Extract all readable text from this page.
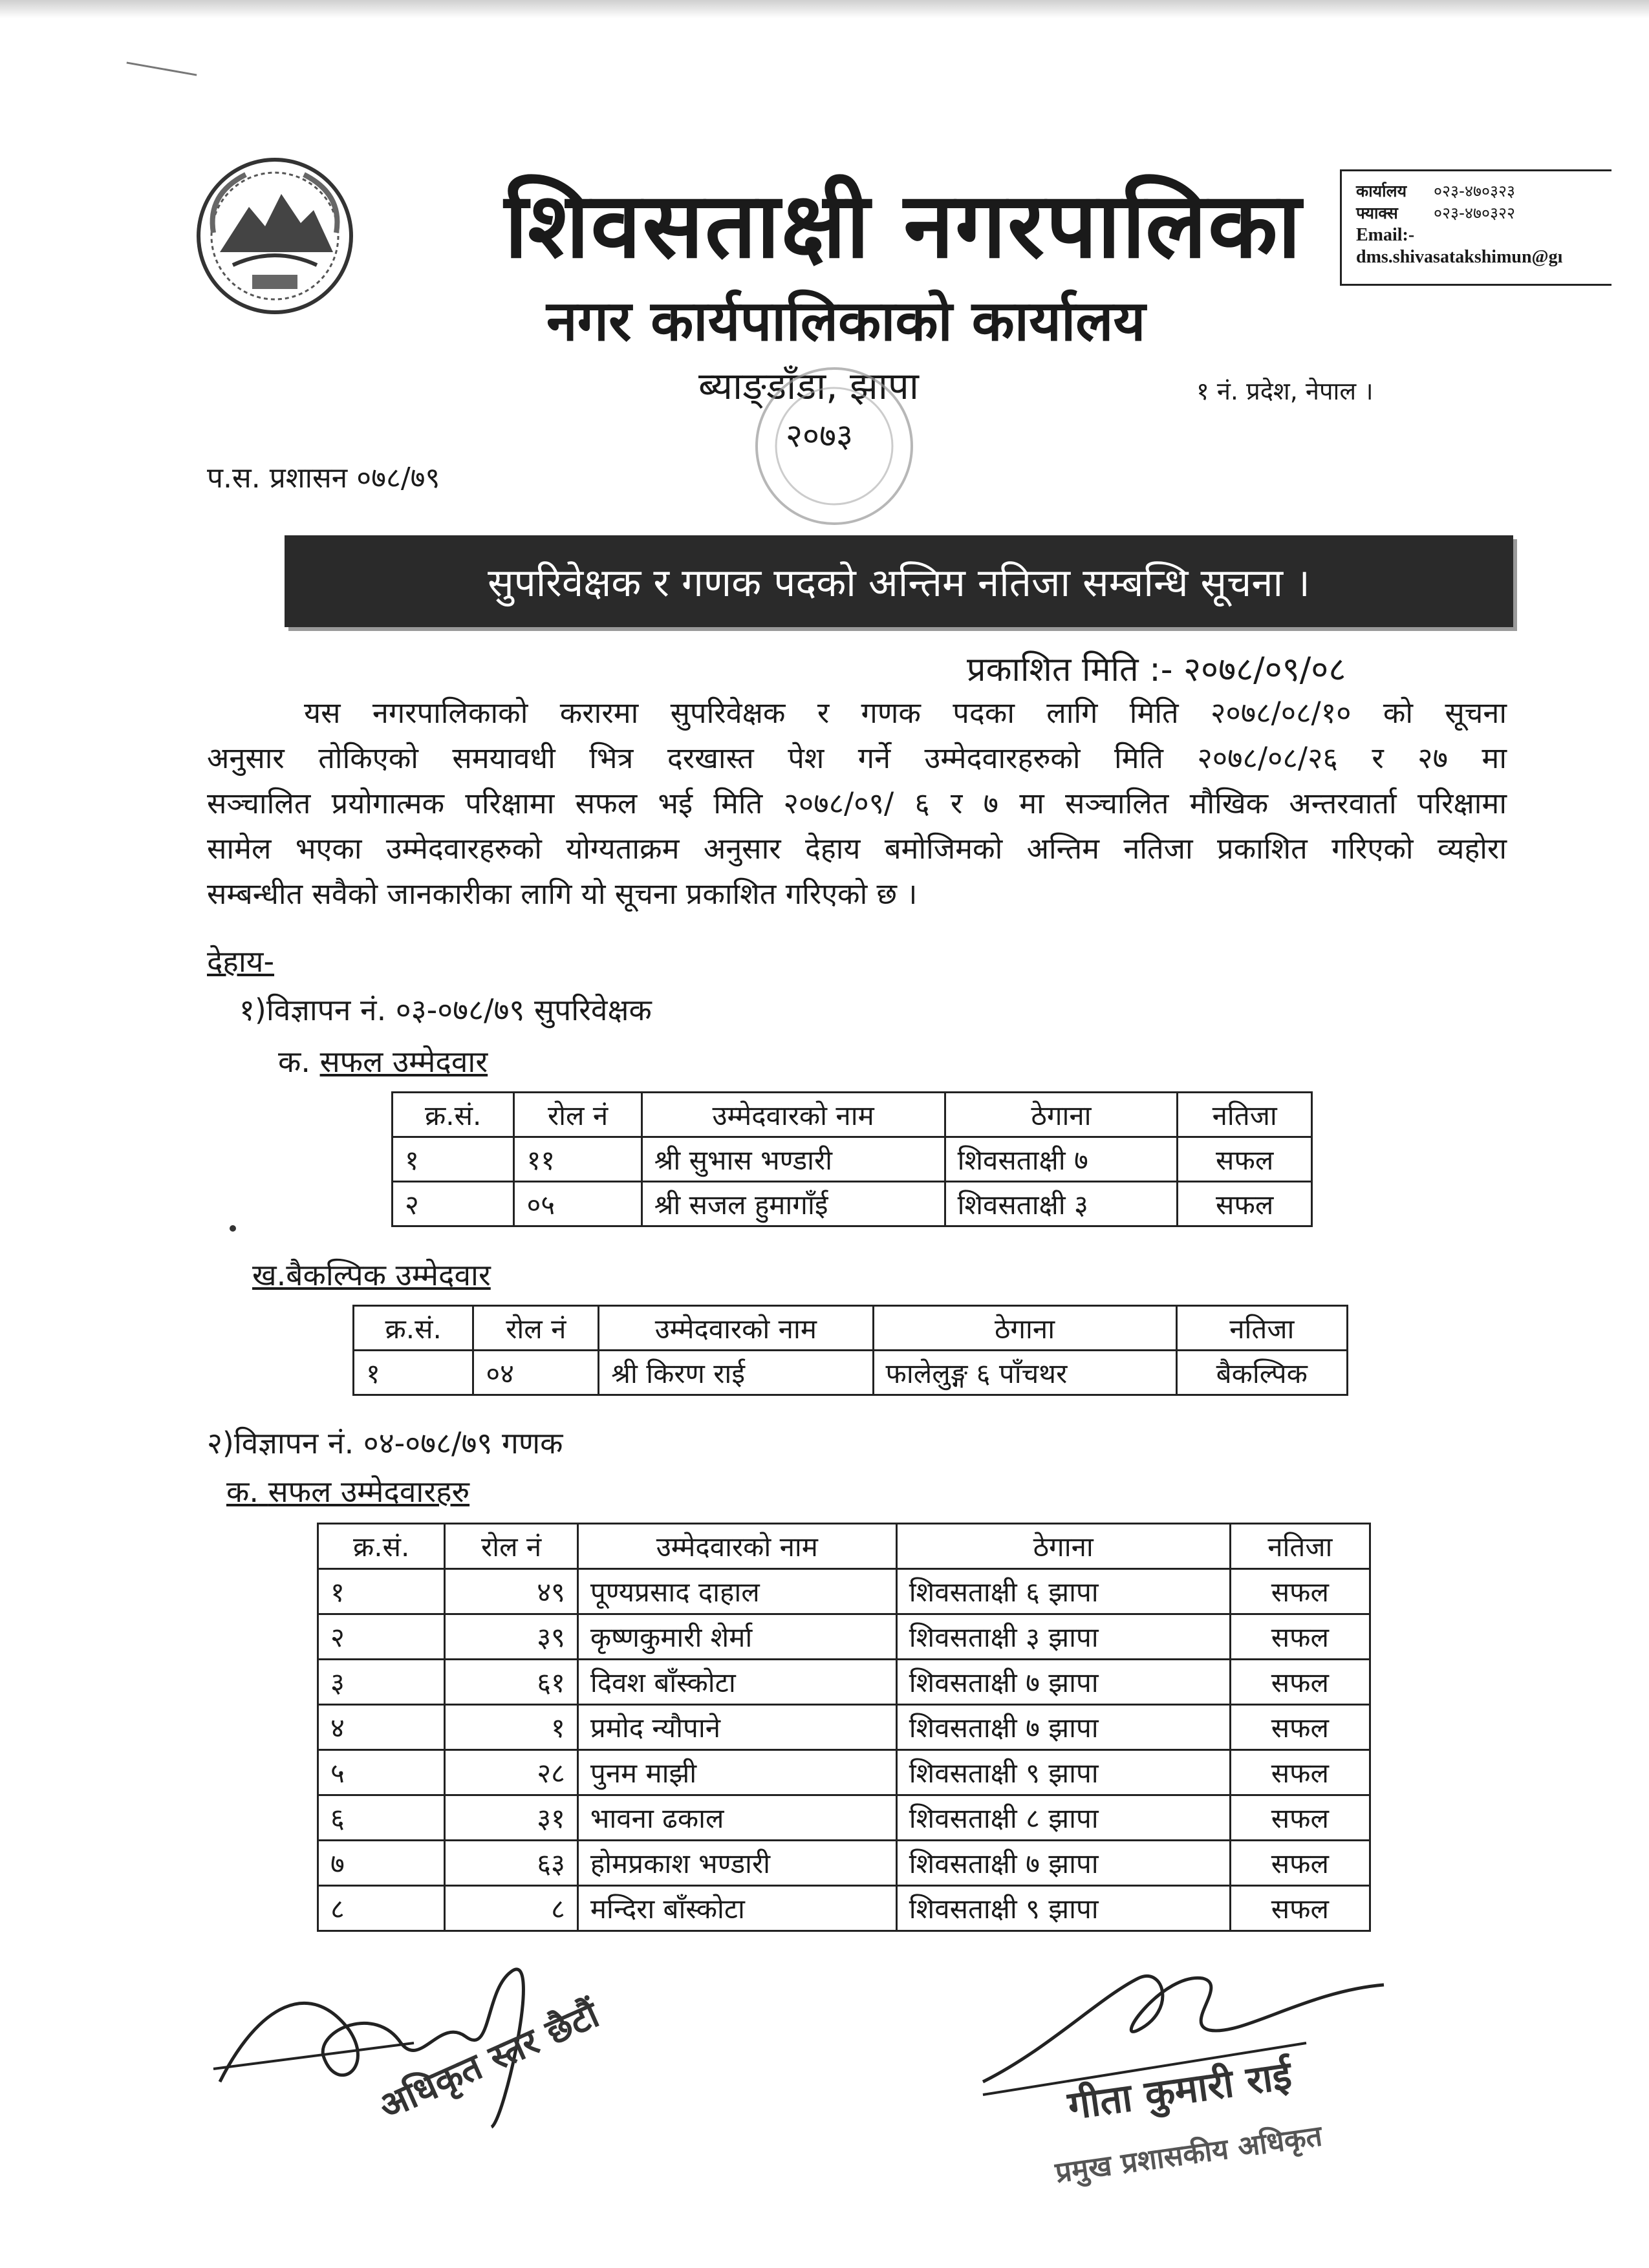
शिवसताक्षी नगरपालिका
नगर कार्यपालिकाको कार्यालय
ब्याङ्डाँडा, झापा
२०७३
१ नं. प्रदेश, नेपाल ।
कार्यालय ०२३-४७०३२३
फ्याक्स ०२३-४७०३२२
Email:-
dms.shivasatakshimun@gı
प.स. प्रशासन ०७८/७९
सुपरिवेक्षक र गणक पदको अन्तिम नतिजा सम्बन्धि सूचना ।
प्रकाशित मिति :- २०७८/०९/०८
यस नगरपालिकाको करारमा सुपरिवेक्षक र गणक पदका लागि मिति २०७८/०८/१० को सूचना
अनुसार तोकिएको समयावधी भित्र दरखास्त पेश गर्ने उम्मेदवारहरुको मिति २०७८/०८/२६ र २७ मा
सञ्चालित प्रयोगात्मक परिक्षामा सफल भई मिति २०७८/०९/ ६ र ७ मा सञ्चालित मौखिक अन्तरवार्ता परिक्षामा
सामेल भएका उम्मेदवारहरुको योग्यताक्रम अनुसार देहाय बमोजिमको अन्तिम नतिजा प्रकाशित गरिएको व्यहोरा
सम्बन्धीत सवैको जानकारीका लागि यो सूचना प्रकाशित गरिएको छ ।
देहाय-
१)विज्ञापन नं. ०३-०७८/७९ सुपरिवेक्षक
क. सफल उम्मेदवार
क्र.सं.	रोल नं	उम्मेदवारको नाम	ठेगाना	नतिजा
१	११	श्री सुभास भण्डारी	शिवसताक्षी ७	सफल
२	०५	श्री सजल हुमागाँई	शिवसताक्षी ३	सफल
ख.बैकल्पिक उम्मेदवार
क्र.सं.	रोल नं	उम्मेदवारको नाम	ठेगाना	नतिजा
१	०४	श्री किरण राई	फालेलुङ्ग ६ पाँचथर	बैकल्पिक
२)विज्ञापन नं. ०४-०७८/७९ गणक
क. सफल उम्मेदवारहरु
क्र.सं.	रोल नं	उम्मेदवारको नाम	ठेगाना	नतिजा
१	४९	पूण्यप्रसाद दाहाल	शिवसताक्षी ६ झापा	सफल
२	३९	कृष्णकुमारी शेर्मा	शिवसताक्षी ३ झापा	सफल
३	६१	दिवश बाँस्कोटा	शिवसताक्षी ७ झापा	सफल
४	१	प्रमोद न्यौपाने	शिवसताक्षी ७ झापा	सफल
५	२८	पुनम माझी	शिवसताक्षी ९ झापा	सफल
६	३१	भावना ढकाल	शिवसताक्षी ८ झापा	सफल
७	६३	होमप्रकाश भण्डारी	शिवसताक्षी ७ झापा	सफल
८	८	मन्दिरा बाँस्कोटा	शिवसताक्षी ९ झापा	सफल
अधिकृत स्तर छैटौं	गीता कुमारी राई
प्रमुख प्रशासकीय अधिकृत
